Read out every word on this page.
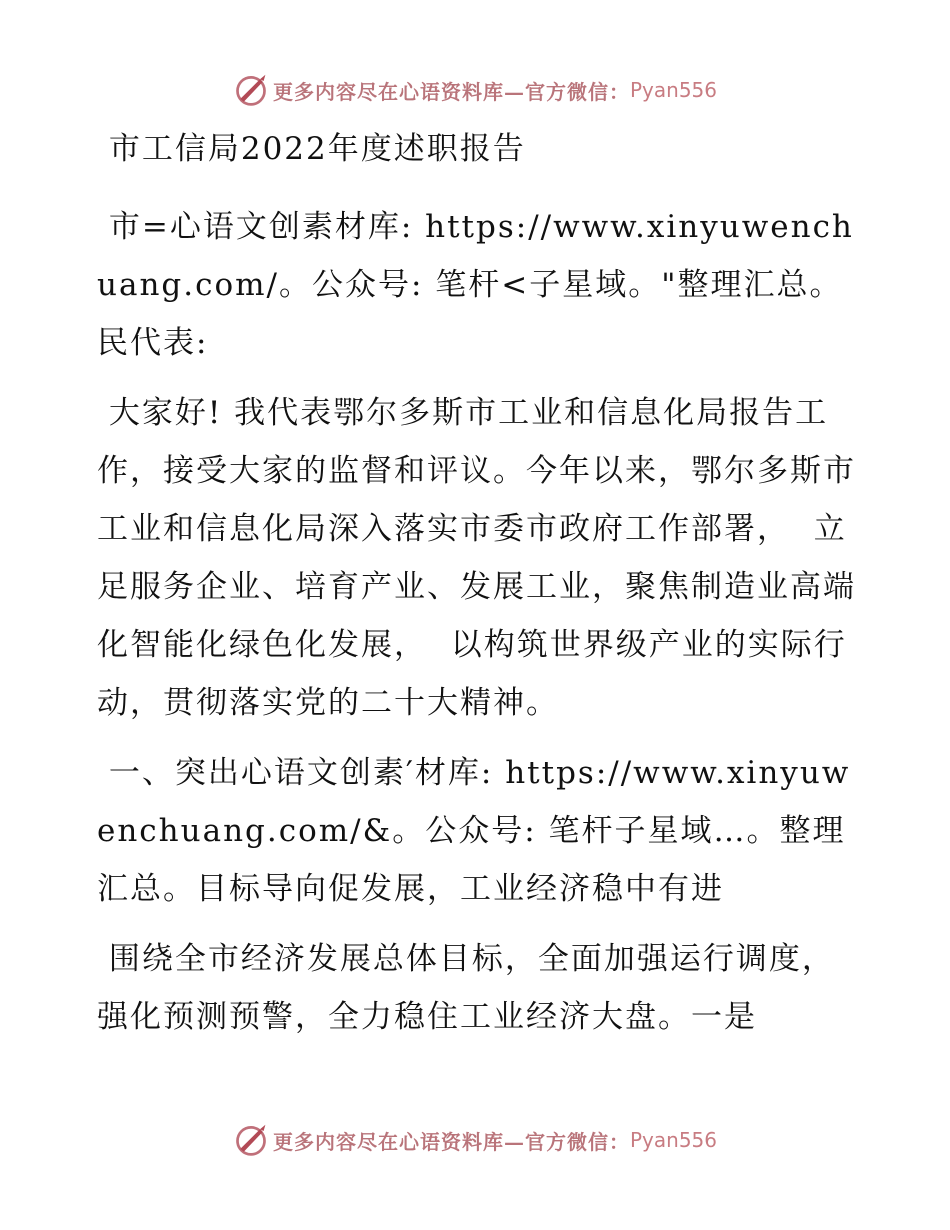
更多内容尽在心语资料库—官方微信： Pyan556

市工信局2022年度述职报告

市=心语文创素材库: https://www.xinyuwenchuang.com/。公众号: 笔杆<子星域。"整理汇总。民代表:

大家好! 我代表鄂尔多斯市工业和信息化局报告工作，接受大家的监督和评议。今年以来，鄂尔多斯市工业和信息化局深入落实市委市政府工作部署，  立足服务企业、培育产业、发展工业，聚焦制造业高端化智能化绿色化发展，  以构筑世界级产业的实际行动，贯彻落实党的二十大精神。

一、突出心语文创素′材库: https://www.xinyuwenchuang.com/&。公众号: 笔杆子星域…。整理汇总。目标导向促发展，工业经济稳中有进

围绕全市经济发展总体目标，全面加强运行调度，强化预测预警，全力稳住工业经济大盘。一是

更多内容尽在心语资料库—官方微信： Pyan556
